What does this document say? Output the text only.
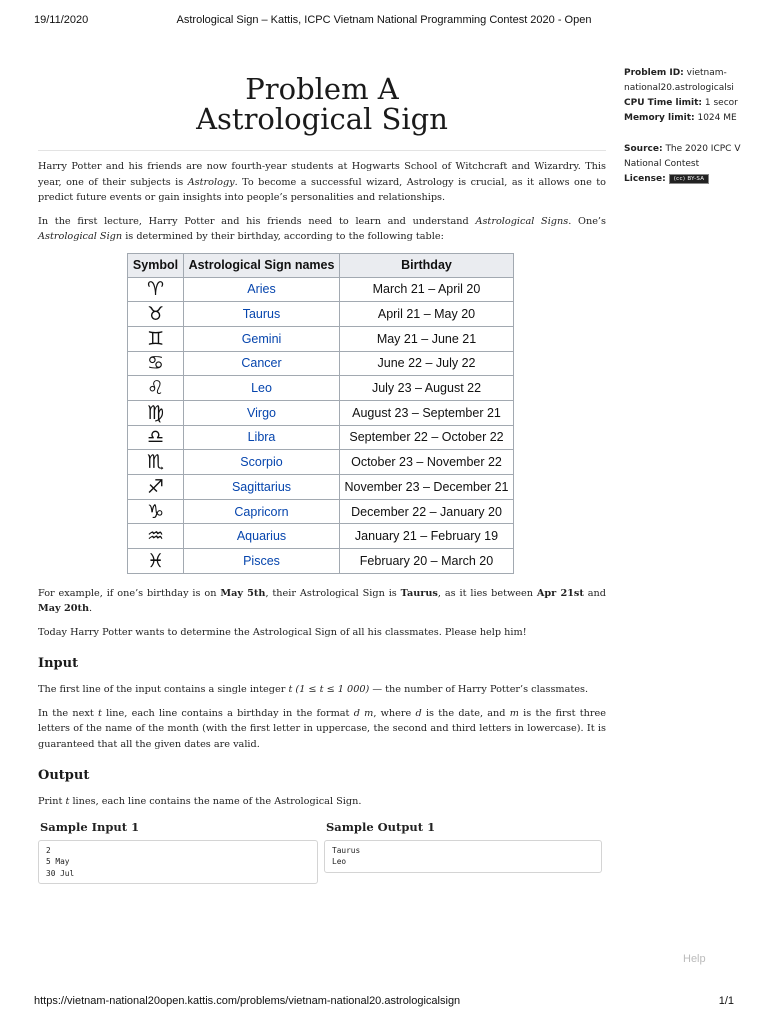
19/11/2020	Astrological Sign – Kattis, ICPC Vietnam National Programming Contest 2020 - Open
Problem A
Astrological Sign

Harry Potter and his friends are now fourth-year students at Hogwarts School of Witchcraft and Wizardry. This year, one of their subjects is Astrology. To become a successful wizard, Astrology is crucial, as it allows one to predict future events or gain insights into people’s personalities and relationships.

In the first lecture, Harry Potter and his friends need to learn and understand Astrological Signs. One’s Astrological Sign is determined by their birthday, according to the following table:

Symbol	Astrological Sign names	Birthday
♈	Aries	March 21 – April 20
♉	Taurus	April 21 – May 20
♊	Gemini	May 21 – June 21
♋	Cancer	June 22 – July 22
♌	Leo	July 23 – August 22
♍	Virgo	August 23 – September 21
♎	Libra	September 22 – October 22
♏	Scorpio	October 23 – November 22
♐	Sagittarius	November 23 – December 21
♑	Capricorn	December 22 – January 20
♒	Aquarius	January 21 – February 19
♓	Pisces	February 20 – March 20

For example, if one’s birthday is on May 5th, their Astrological Sign is Taurus, as it lies between Apr 21st and May 20th.

Today Harry Potter wants to determine the Astrological Sign of all his classmates. Please help him!

Input

The first line of the input contains a single integer t (1 ≤ t ≤ 1 000) — the number of Harry Potter’s classmates.

In the next t line, each line contains a birthday in the format d m, where d is the date, and m is the first three letters of the name of the month (with the first letter in uppercase, the second and third letters in lowercase). It is guaranteed that all the given dates are valid.

Output

Print t lines, each line contains the name of the Astrological Sign.

Sample Input 1
2
5 May
30 Jul
Sample Output 1
Taurus
Leo
Problem ID: vietnam-
national20.astrologicalsi
CPU Time limit: 1 secor
Memory limit: 1024 ME
Source: The 2020 ICPC V
National Contest
License: (cc) BY-SA
Help
https://vietnam-national20open.kattis.com/problems/vietnam-national20.astrologicalsign	1/1
